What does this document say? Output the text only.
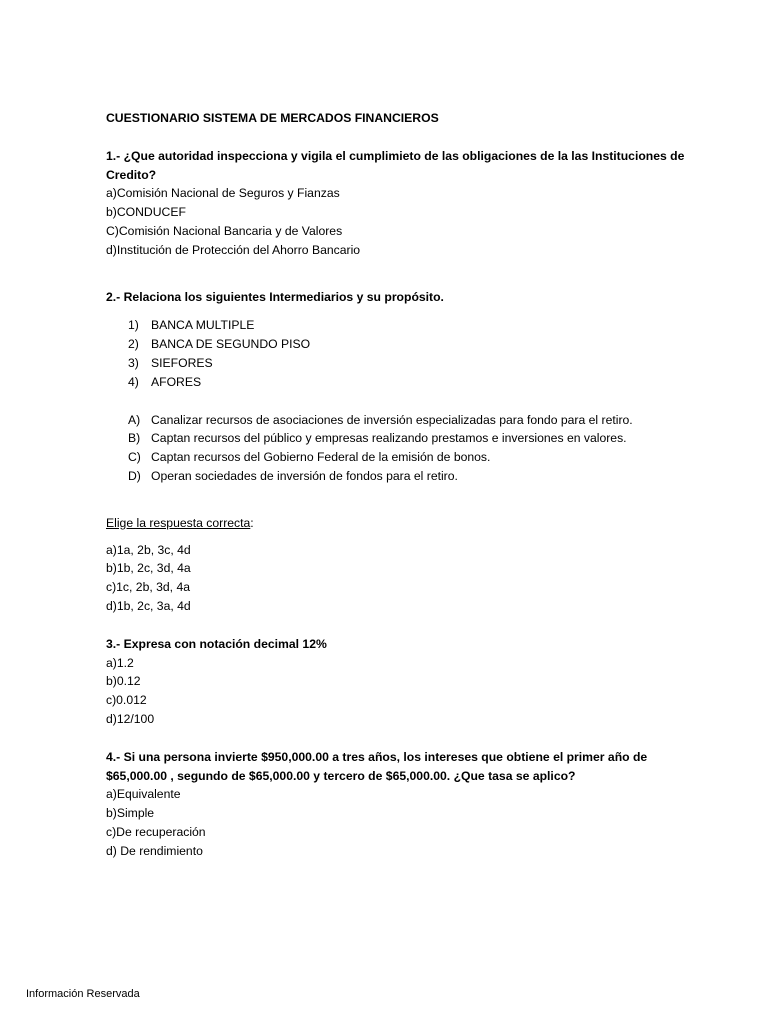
CUESTIONARIO SISTEMA DE MERCADOS FINANCIEROS
1.- ¿Que autoridad inspecciona y vigila el cumplimieto de las obligaciones de la las Instituciones de Credito?
a)Comisión Nacional de Seguros y Fianzas
b)CONDUCEF
C)Comisión Nacional Bancaria y de Valores
d)Institución de Protección del Ahorro Bancario
2.- Relaciona los siguientes Intermediarios y su propósito.
1) BANCA MULTIPLE
2) BANCA DE SEGUNDO PISO
3) SIEFORES
4) AFORES
A) Canalizar recursos de asociaciones de inversión especializadas para fondo para el retiro.
B) Captan recursos del público y empresas realizando prestamos e inversiones en valores.
C) Captan recursos del Gobierno Federal de la emisión de bonos.
D) Operan sociedades de inversión de fondos para el retiro.
Elige la respuesta correcta:
a)1a, 2b, 3c, 4d
b)1b, 2c, 3d, 4a
c)1c, 2b, 3d, 4a
d)1b, 2c, 3a, 4d
3.- Expresa con notación decimal 12%
a)1.2
b)0.12
c)0.012
d)12/100
4.- Si una persona invierte $950,000.00 a tres años, los intereses que obtiene el primer año de $65,000.00 , segundo de $65,000.00 y tercero de $65,000.00. ¿Que tasa se aplico?
a)Equivalente
b)Simple
c)De recuperación
d) De rendimiento
Información Reservada
